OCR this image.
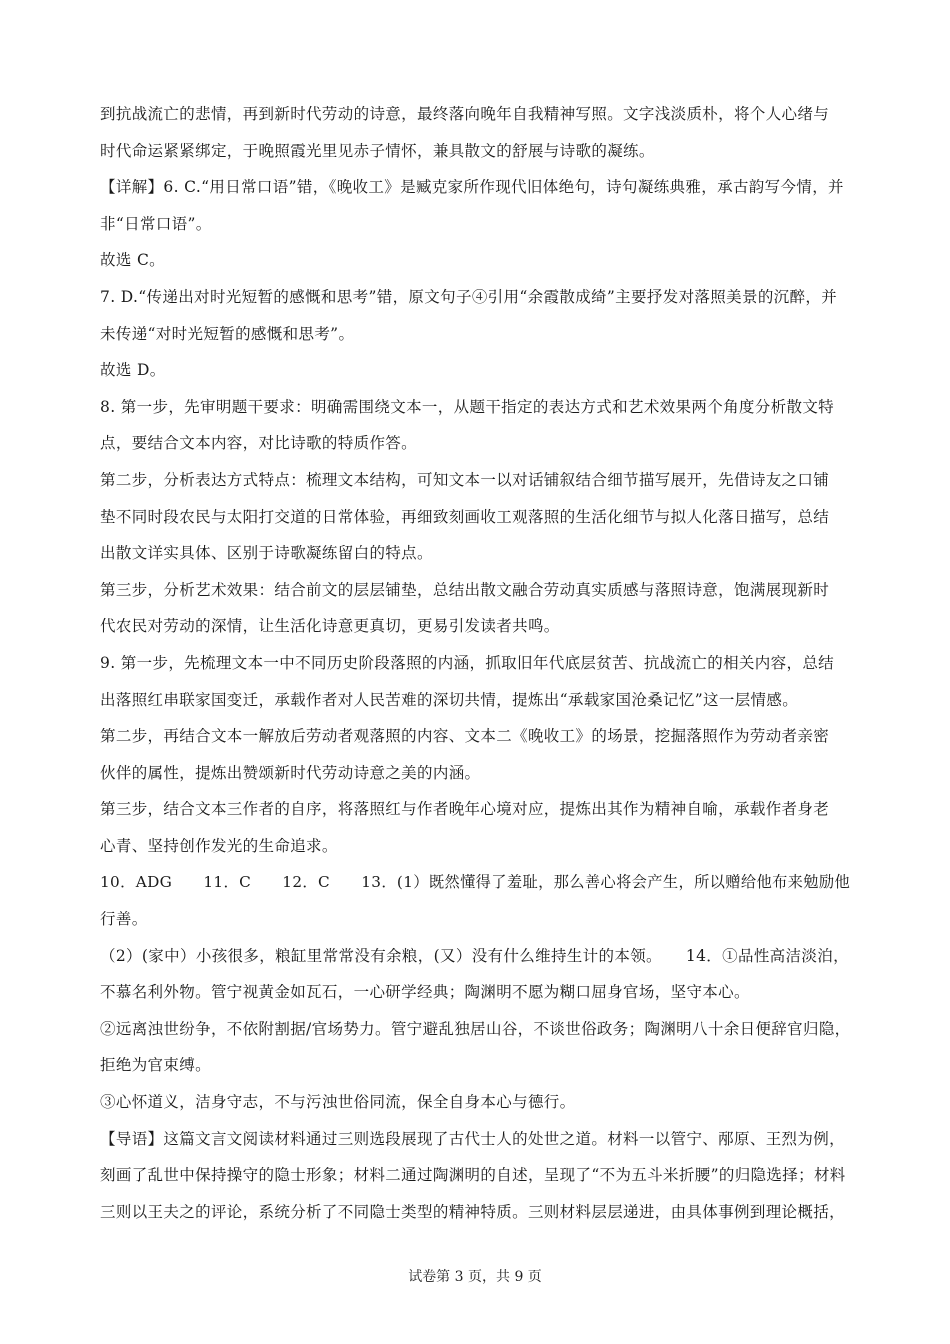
到抗战流亡的悲情，再到新时代劳动的诗意，最终落向晚年自我精神写照。文字浅淡质朴，将个人心绪与
时代命运紧紧绑定，于晚照霞光里见赤子情怀，兼具散文的舒展与诗歌的凝练。
【详解】6. C.“用日常口语”错，《晚收工》是臧克家所作现代旧体绝句，诗句凝练典雅，承古韵写今情，并
非“日常口语”。
故选 C。
7. D.“传递出对时光短暂的感慨和思考”错，原文句子④引用“余霞散成绮”主要抒发对落照美景的沉醉，并
未传递“对时光短暂的感慨和思考”。
故选 D。
8. 第一步，先审明题干要求：明确需围绕文本一，从题干指定的表达方式和艺术效果两个角度分析散文特
点，要结合文本内容，对比诗歌的特质作答。
第二步，分析表达方式特点：梳理文本结构，可知文本一以对话铺叙结合细节描写展开，先借诗友之口铺
垫不同时段农民与太阳打交道的日常体验，再细致刻画收工观落照的生活化细节与拟人化落日描写，总结
出散文详实具体、区别于诗歌凝练留白的特点。
第三步，分析艺术效果：结合前文的层层铺垫，总结出散文融合劳动真实质感与落照诗意，饱满展现新时
代农民对劳动的深情，让生活化诗意更真切，更易引发读者共鸣。
9. 第一步，先梳理文本一中不同历史阶段落照的内涵，抓取旧年代底层贫苦、抗战流亡的相关内容，总结
出落照红串联家国变迁，承载作者对人民苦难的深切共情，提炼出“承载家国沧桑记忆”这一层情感。
第二步，再结合文本一解放后劳动者观落照的内容、文本二《晚收工》的场景，挖掘落照作为劳动者亲密
伙伴的属性，提炼出赞颂新时代劳动诗意之美的内涵。
第三步，结合文本三作者的自序，将落照红与作者晚年心境对应，提炼出其作为精神自喻，承载作者身老
心青、坚持创作发光的生命追求。
10．ADG　　11．C　　12．C　　13．(1）既然懂得了羞耻，那么善心将会产生，所以赠给他布来勉励他
行善。
（2）(家中）小孩很多，粮缸里常常没有余粮，(又）没有什么维持生计的本领。　　14．①品性高洁淡泊，
不慕名利外物。管宁视黄金如瓦石，一心研学经典；陶渊明不愿为糊口屈身官场，坚守本心。
②远离浊世纷争，不依附割据/官场势力。管宁避乱独居山谷，不谈世俗政务；陶渊明八十余日便辞官归隐，
拒绝为官束缚。
③心怀道义，洁身守志，不与污浊世俗同流，保全自身本心与德行。
【导语】这篇文言文阅读材料通过三则选段展现了古代士人的处世之道。材料一以管宁、邴原、王烈为例，
刻画了乱世中保持操守的隐士形象；材料二通过陶渊明的自述，呈现了“不为五斗米折腰”的归隐选择；材料
三则以王夫之的评论，系统分析了不同隐士类型的精神特质。三则材料层层递进，由具体事例到理论概括，
试卷第 3 页，共 9 页
